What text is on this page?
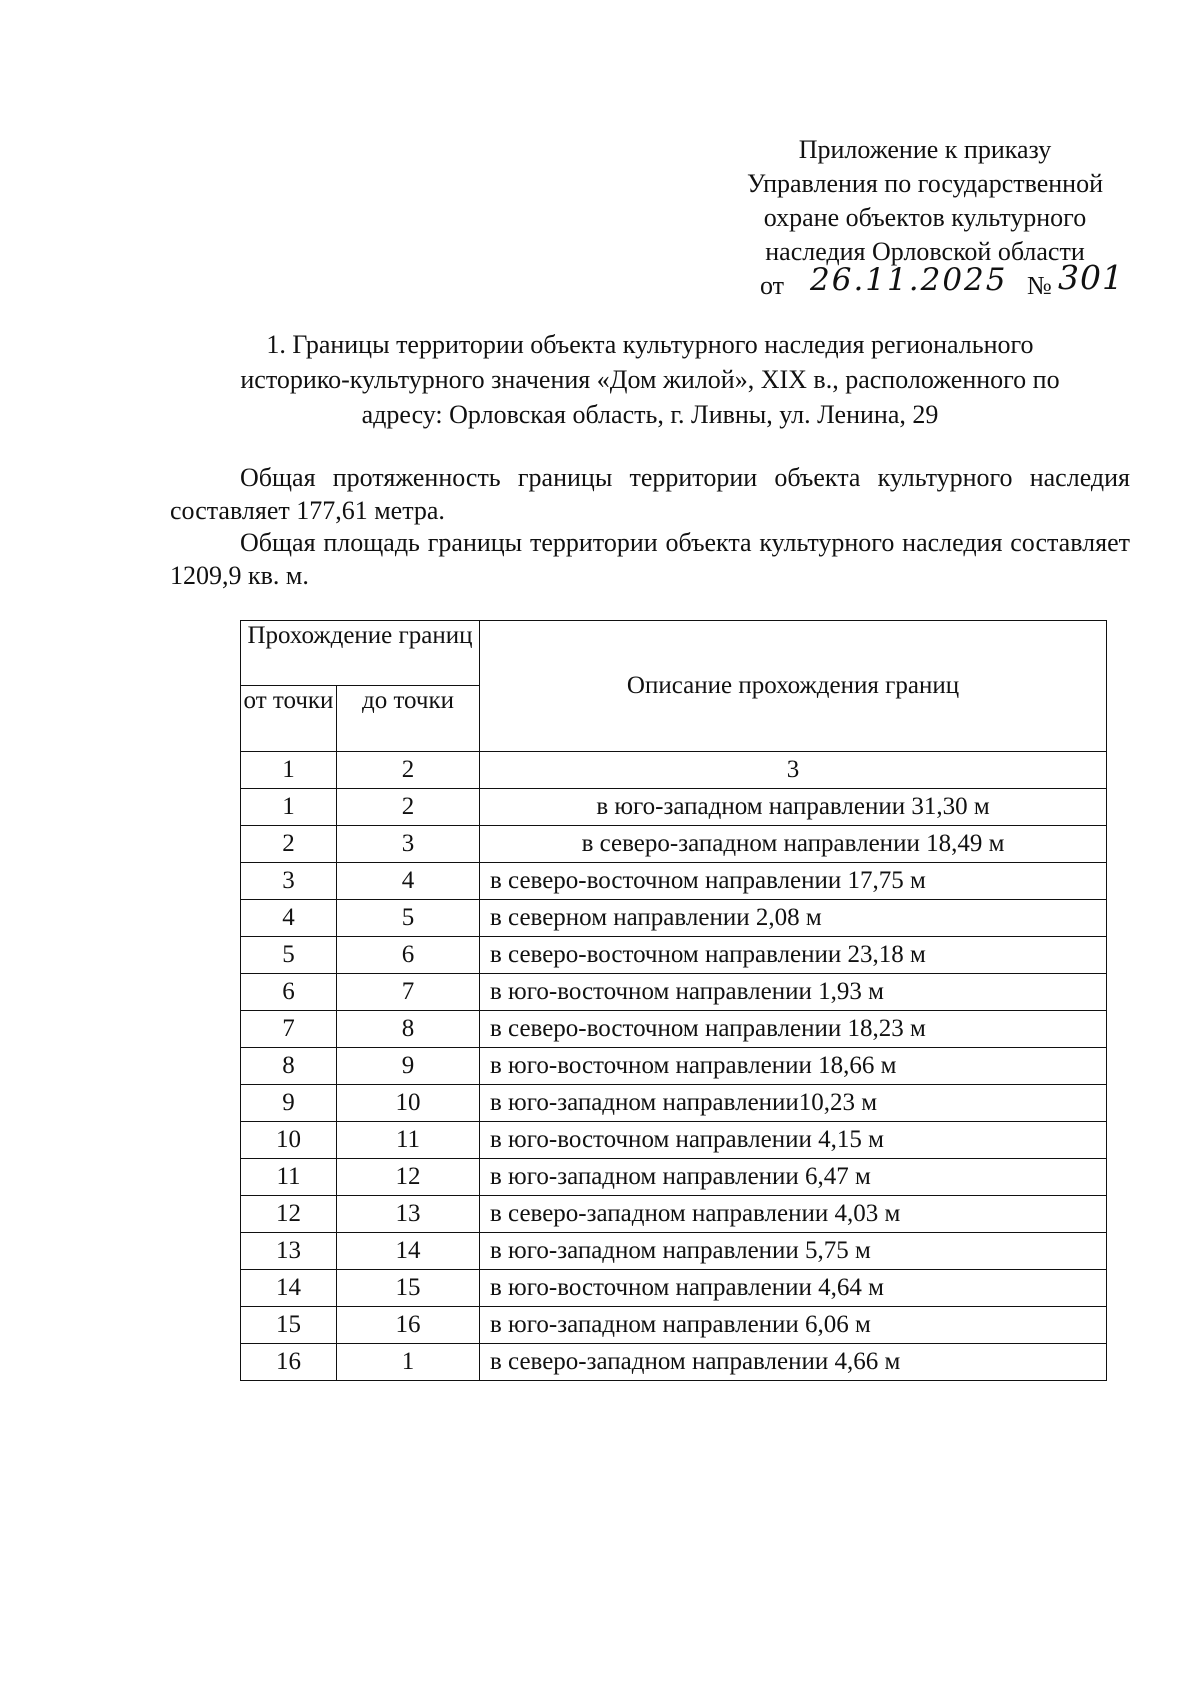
Приложение к приказу
Управления по государственной
охране объектов культурного
наследия Орловской области
от 26.11.2025 № 301
1. Границы территории объекта культурного наследия регионального
историко-культурного значения «Дом жилой», XIX в., расположенного по
адресу: Орловская область, г. Ливны, ул. Ленина, 29

Общая протяженность границы территории объекта культурного наследия составляет 177,61 метра.

Общая площадь границы территории объекта культурного наследия составляет 1209,9 кв. м.

Прохождение границ		Описание прохождения границ
от точки	до точки	
1	2	3
1	2	в юго-западном направлении 31,30 м
2	3	в северо-западном направлении 18,49 м
3	4	в северо-восточном направлении 17,75 м
4	5	в северном направлении 2,08 м
5	6	в северо-восточном направлении 23,18 м
6	7	в юго-восточном направлении 1,93 м
7	8	в северо-восточном направлении 18,23 м
8	9	в юго-восточном направлении 18,66 м
9	10	в юго-западном направлении10,23 м
10	11	в юго-восточном направлении 4,15 м
11	12	в юго-западном направлении 6,47 м
12	13	в северо-западном направлении 4,03 м
13	14	в юго-западном направлении 5,75 м
14	15	в юго-восточном направлении 4,64 м
15	16	в юго-западном направлении 6,06 м
16	1	в северо-западном направлении 4,66 м
